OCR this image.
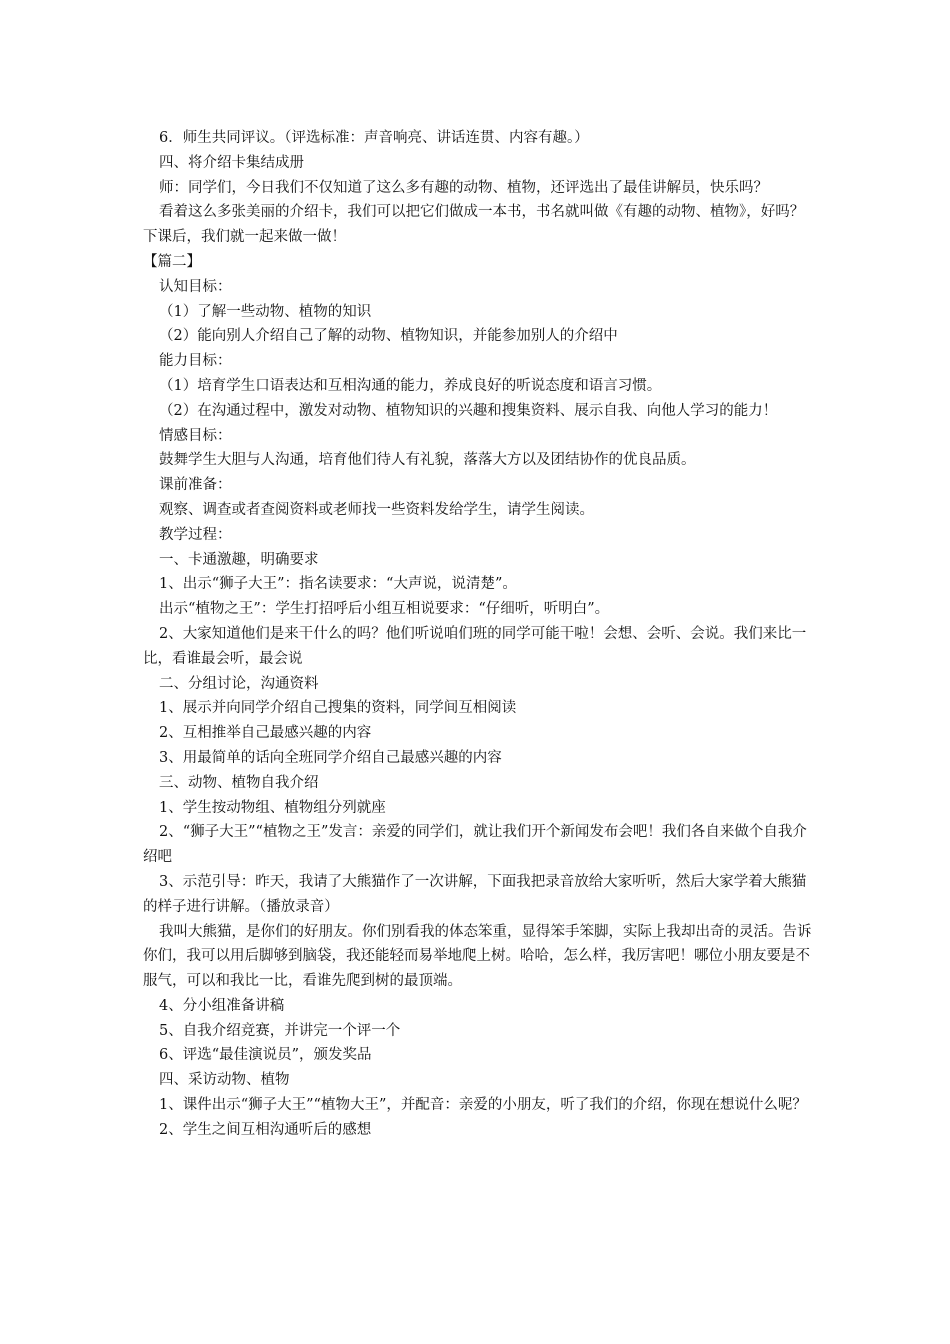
6．师生共同评议。（评选标准：声音响亮、讲话连贯、内容有趣。）

四、将介绍卡集结成册

师：同学们，今日我们不仅知道了这么多有趣的动物、植物，还评选出了最佳讲解员，快乐吗？

看着这么多张美丽的介绍卡，我们可以把它们做成一本书，书名就叫做《有趣的动物、植物》，好吗？下课后，我们就一起来做一做！

【篇二】

认知目标：

（1）了解一些动物、植物的知识

（2）能向别人介绍自己了解的动物、植物知识，并能参加别人的介绍中

能力目标：

（1）培育学生口语表达和互相沟通的能力，养成良好的听说态度和语言习惯。

（2）在沟通过程中，激发对动物、植物知识的兴趣和搜集资料、展示自我、向他人学习的能力！

情感目标：

鼓舞学生大胆与人沟通，培育他们待人有礼貌，落落大方以及团结协作的优良品质。

课前准备：

观察、调查或者查阅资料或老师找一些资料发给学生，请学生阅读。

教学过程：

一、卡通激趣，明确要求

1、出示“狮子大王”：指名读要求：“大声说，说清楚”。

出示“植物之王”：学生打招呼后小组互相说要求：“仔细听，听明白”。

2、大家知道他们是来干什么的吗？他们听说咱们班的同学可能干啦！会想、会听、会说。我们来比一比，看谁最会听，最会说

二、分组讨论，沟通资料

1、展示并向同学介绍自己搜集的资料，同学间互相阅读

2、互相推举自己最感兴趣的内容

3、用最简单的话向全班同学介绍自己最感兴趣的内容

三、动物、植物自我介绍

1、学生按动物组、植物组分列就座

2、“狮子大王”“植物之王”发言：亲爱的同学们，就让我们开个新闻发布会吧！我们各自来做个自我介绍吧

3、示范引导：昨天，我请了大熊猫作了一次讲解，下面我把录音放给大家听听，然后大家学着大熊猫的样子进行讲解。（播放录音）

我叫大熊猫，是你们的好朋友。你们别看我的体态笨重，显得笨手笨脚，实际上我却出奇的灵活。告诉你们，我可以用后脚够到脑袋，我还能轻而易举地爬上树。哈哈，怎么样，我厉害吧！哪位小朋友要是不服气，可以和我比一比，看谁先爬到树的最顶端。

4、分小组准备讲稿

5、自我介绍竞赛，并讲完一个评一个

6、评选“最佳演说员”，颁发奖品

四、采访动物、植物

1、课件出示“狮子大王”“植物大王”，并配音：亲爱的小朋友，听了我们的介绍，你现在想说什么呢？

2、学生之间互相沟通听后的感想
